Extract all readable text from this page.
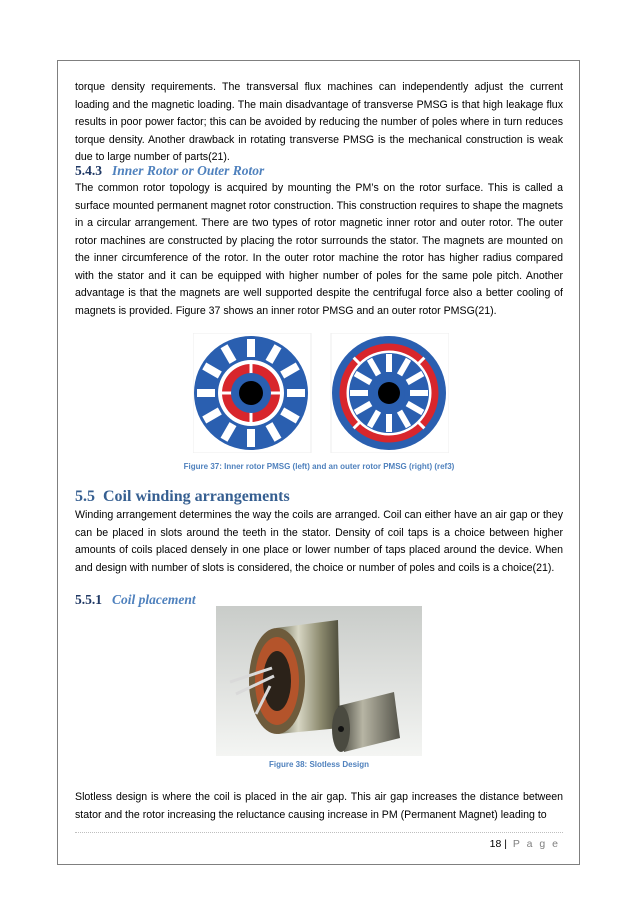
torque density requirements. The transversal flux machines can independently adjust the current loading and the magnetic loading. The main disadvantage of transverse PMSG is that high leakage flux results in poor power factor; this can be avoided by reducing the number of poles where in turn reduces torque density. Another drawback in rotating transverse PMSG is the mechanical construction is weak due to large number of parts(21).

5.4.3 Inner Rotor or Outer Rotor

The common rotor topology is acquired by mounting the PM’s on the rotor surface. This is called a surface mounted permanent magnet rotor construction. This construction requires to shape the magnets in a circular arrangement. There are two types of rotor magnetic inner rotor and outer rotor. The outer rotor machines are constructed by placing the rotor surrounds the stator. The magnets are mounted on the inner circumference of the rotor. In the outer rotor machine the rotor has higher radius compared with the stator and it can be equipped with higher number of poles for the same pole pitch. Another advantage is that the magnets are well supported despite the centrifugal force also a better cooling of magnets is provided. Figure 37 shows an inner rotor PMSG and an outer rotor PMSG(21).

Figure 37: Inner rotor PMSG (left) and an outer rotor PMSG (right) (ref3)

5.5 Coil winding arrangements

Winding arrangement determines the way the coils are arranged. Coil can either have an air gap or they can be placed in slots around the teeth in the stator. Density of coil taps is a choice between higher amounts of coils placed densely in one place or lower number of taps placed around the device. When and design with number of slots is considered, the choice or number of poles and coils is a choice(21).

5.5.1 Coil placement

Figure 38: Slotless Design

Slotless design is where the coil is placed in the air gap. This air gap increases the distance between stator and the rotor increasing the reluctance causing increase in PM (Permanent Magnet) leading to

18 | P a g e
